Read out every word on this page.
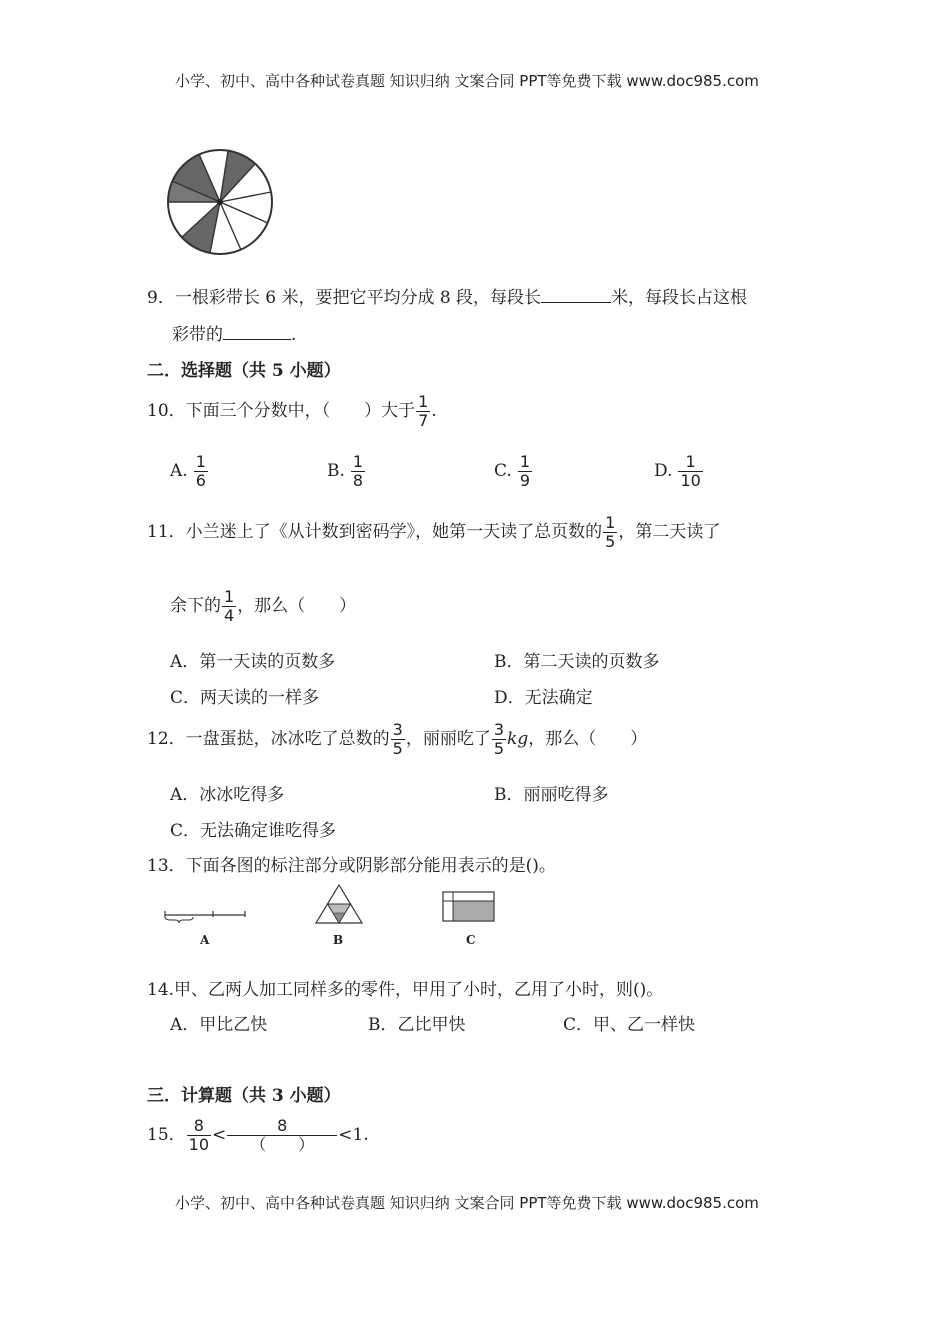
小学、初中、高中各种试卷真题 知识归纳 文案合同 PPT等免费下载 www.doc985.com
9．一根彩带长 6 米，要把它平均分成 8 段，每段长	米，每段长占这根
彩带的	.
二．选择题（共 5 小题）
10．下面三个分数中，（　　）大于 $\frac{1}{7}$ .
A. $\frac{1}{6}$	B. $\frac{1}{8}$	C. $\frac{1}{9}$	D. $\frac{1}{10}$
11．小兰迷上了《从计数到密码学》，她第一天读了总页数的 $\frac{1}{5}$ ，第二天读了
余下的 $\frac{1}{4}$ ，那么（　　）
A．第一天读的页数多	B．第二天读的页数多
C．两天读的一样多	D．无法确定
12．一盘蛋挞，冰冰吃了总数的 $\frac{3}{5}$ ，丽丽吃了 $\frac{3}{5}$ kg，那么（　　）
A．冰冰吃得多	B．丽丽吃得多
C．无法确定谁吃得多
13．下面各图的标注部分或阴影部分能用表示的是()。
A	B	C
14.甲、乙两人加工同样多的零件，甲用了小时，乙用了小时，则()。
A．甲比乙快	B．乙比甲快	C．甲、乙一样快
三．计算题（共 3 小题）
15． $\frac{8}{10} < \frac{8}{( )} <1$.
小学、初中、高中各种试卷真题 知识归纳 文案合同 PPT等免费下载 www.doc985.com
